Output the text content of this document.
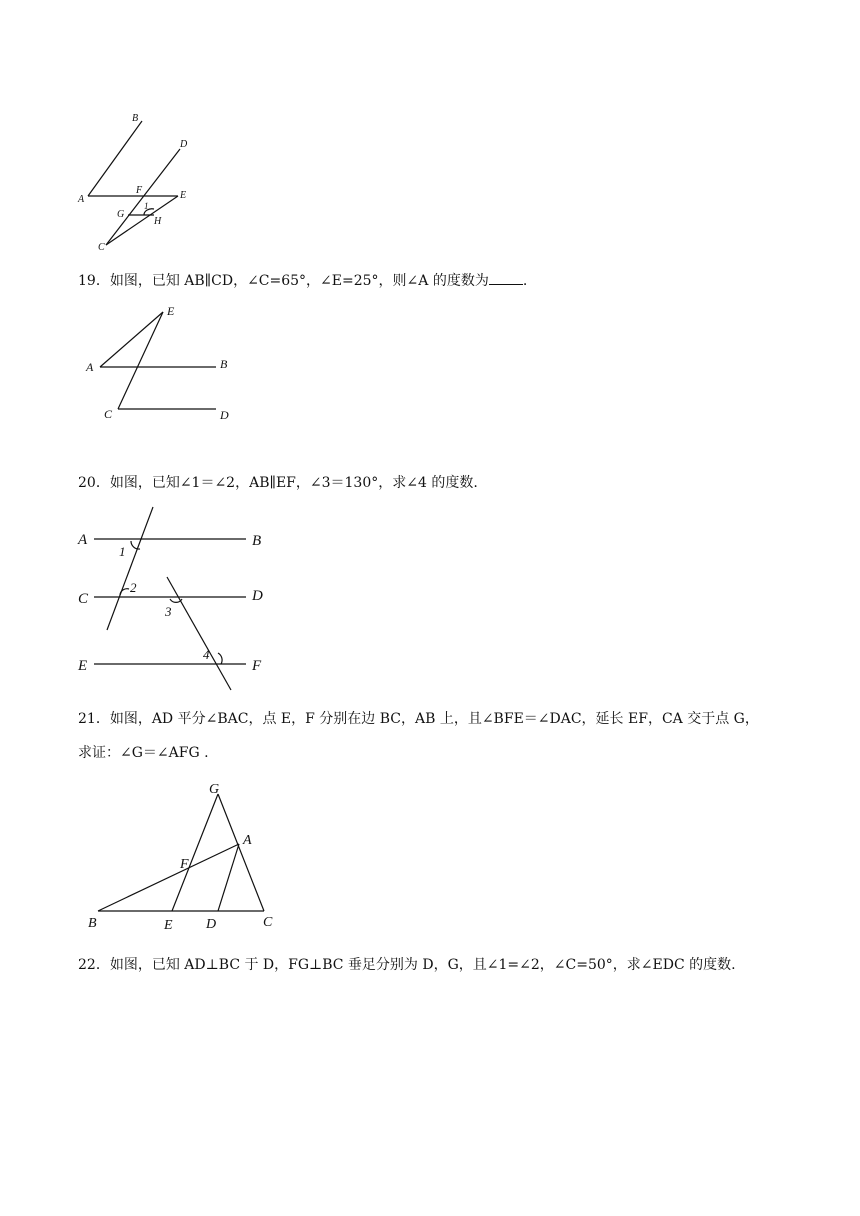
B
D
A
F	E
G
1
H
C
19．如图，已知 AB∥CD，∠C=65°，∠E=25°，则∠A 的度数为 .
E
A	B
C	D
20．如图，已知∠1＝∠2，AB∥EF，∠3＝130°，求∠4 的度数.
A	B
1
C
2
D
3
E
4
F
21．如图，AD 平分∠BAC，点 E，F 分别在边 BC，AB 上，且∠BFE＝∠DAC，延长 EF，CA 交于点 G，
求证：∠G＝∠AFG .
G
A
F
B	E D	C
22．如图，已知 AD⊥BC 于 D，FG⊥BC 垂足分别为 D，G，且∠1=∠2，∠C=50°，求∠EDC 的度数.
